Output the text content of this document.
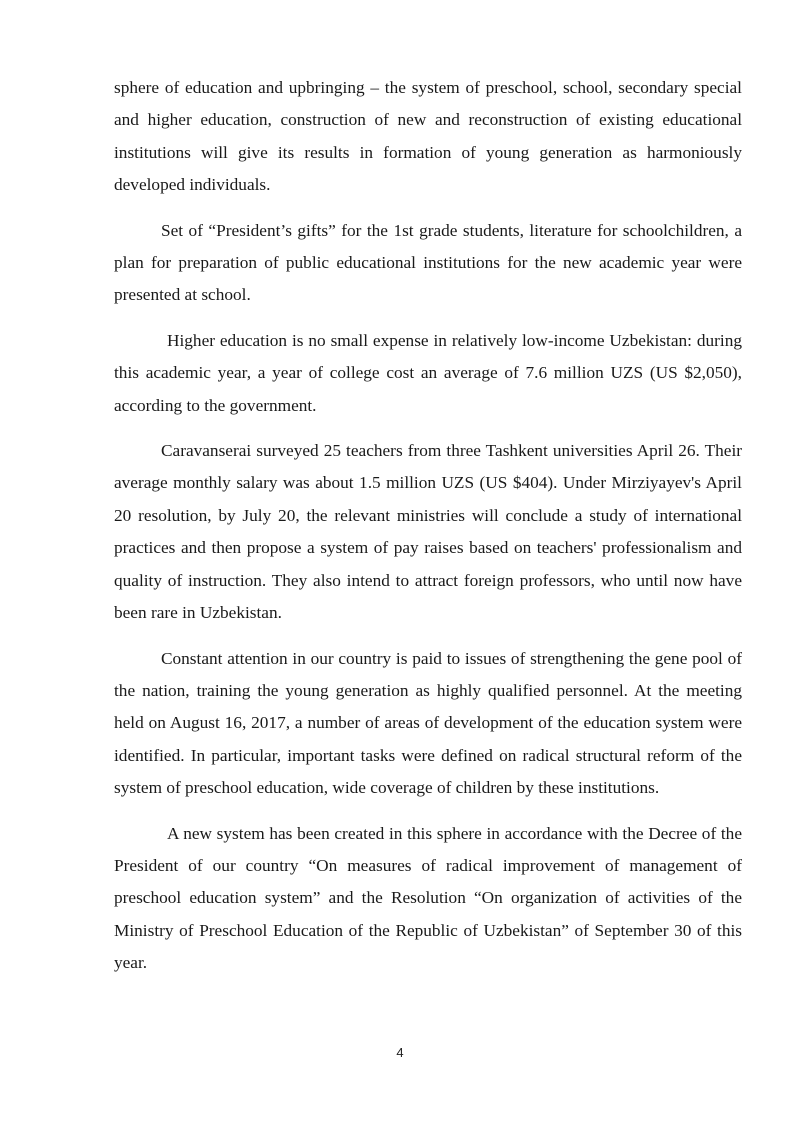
sphere of education and upbringing – the system of preschool, school, secondary special and higher education, construction of new and reconstruction of existing educational institutions will give its results in formation of young generation as harmoniously developed individuals.

Set of “President’s gifts” for the 1st grade students, literature for schoolchildren, a plan for preparation of public educational institutions for the new academic year were presented at school.

Higher education is no small expense in relatively low-income Uzbekistan: during this academic year, a year of college cost an average of 7.6 million UZS (US $2,050), according to the government.

Caravanserai surveyed 25 teachers from three Tashkent universities April 26. Their average monthly salary was about 1.5 million UZS (US $404). Under Mirziyayev's April 20 resolution, by July 20, the relevant ministries will conclude a study of international practices and then propose a system of pay raises based on teachers' professionalism and quality of instruction. They also intend to attract foreign professors, who until now have been rare in Uzbekistan.

Constant attention in our country is paid to issues of strengthening the gene pool of the nation, training the young generation as highly qualified personnel. At the meeting held on August 16, 2017, a number of areas of development of the education system were identified. In particular, important tasks were defined on radical structural reform of the system of preschool education, wide coverage of children by these institutions.

A new system has been created in this sphere in accordance with the Decree of the President of our country “On measures of radical improvement of management of preschool education system” and the Resolution “On organization of activities of the Ministry of Preschool Education of the Republic of Uzbekistan” of September 30 of this year.

4
